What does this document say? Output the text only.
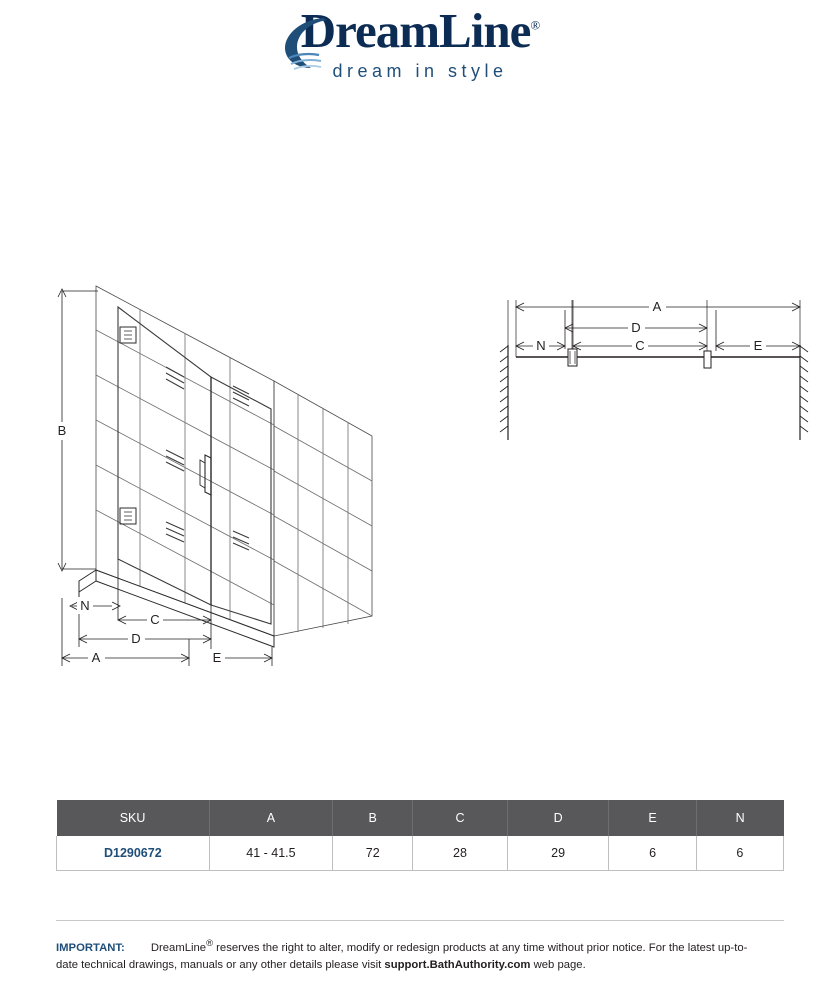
DreamLine®
dream in style
B
N
C
D
E
A
A
D
N	C	E
SKU	A	B	C	D	E	N
D1290672	41 - 41.5	72	28	29	6	6
IMPORTANT: DreamLine® reserves the right to alter, modify or redesign products at any time without prior notice. For the latest up-to-
date technical drawings, manuals or any other details please visit support.BathAuthority.com web page.
